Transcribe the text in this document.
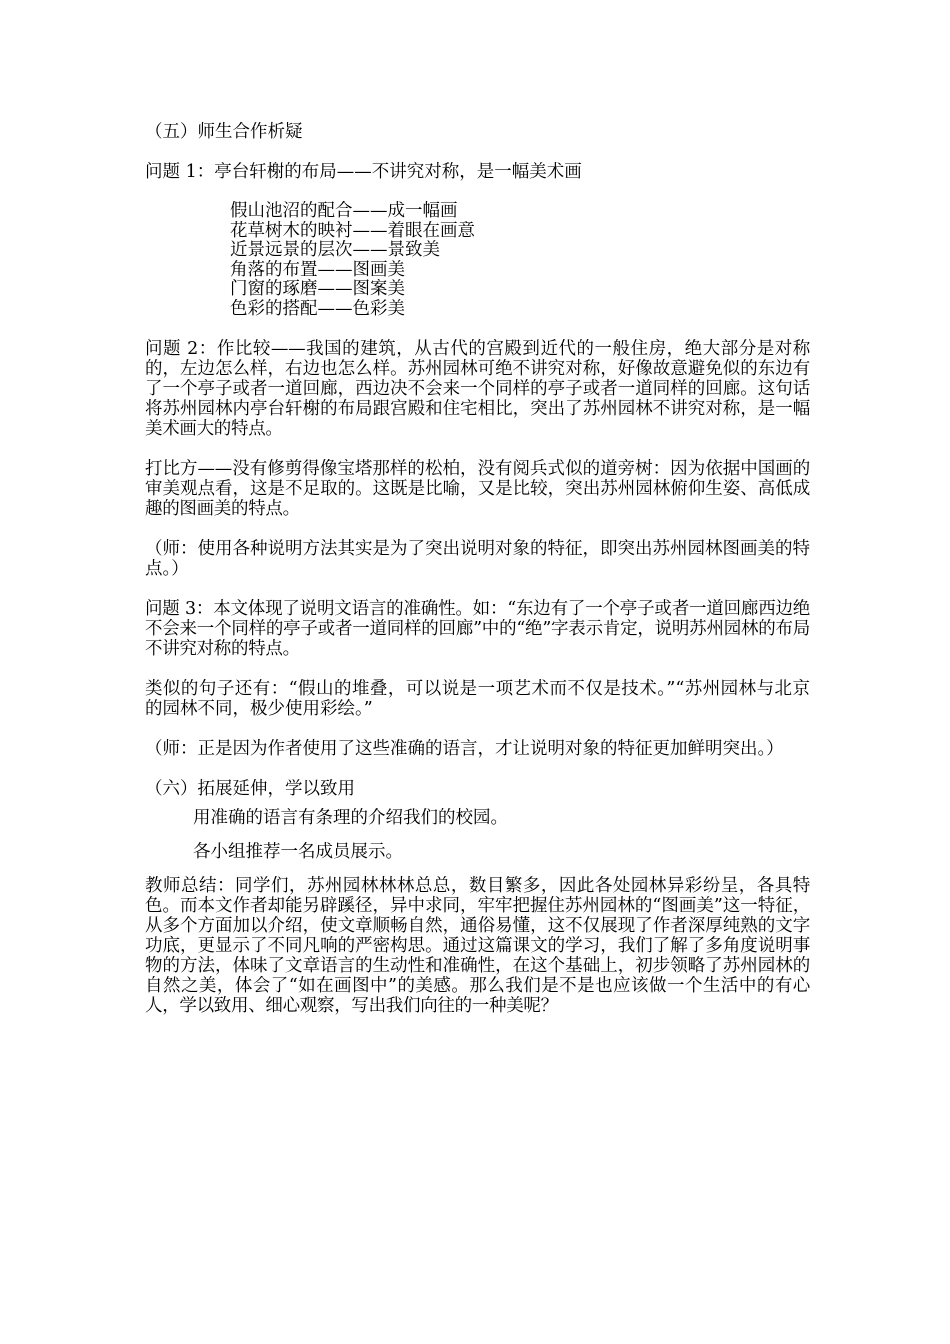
（五）师生合作析疑

问题 1：亭台轩榭的布局——不讲究对称，是一幅美术画

假山池沼的配合——成一幅画
花草树木的映衬——着眼在画意
近景远景的层次——景致美
角落的布置——图画美
门窗的琢磨——图案美
色彩的搭配——色彩美

问题 2：作比较——我国的建筑，从古代的宫殿到近代的一般住房，绝大部分是对称的，左边怎么样，右边也怎么样。苏州园林可绝不讲究对称，好像故意避免似的东边有了一个亭子或者一道回廊，西边决不会来一个同样的亭子或者一道同样的回廊。这句话将苏州园林内亭台轩榭的布局跟宫殿和住宅相比，突出了苏州园林不讲究对称，是一幅美术画大的特点。

打比方——没有修剪得像宝塔那样的松柏，没有阅兵式似的道旁树：因为依据中国画的审美观点看，这是不足取的。这既是比喻，又是比较，突出苏州园林俯仰生姿、高低成趣的图画美的特点。

（师：使用各种说明方法其实是为了突出说明对象的特征，即突出苏州园林图画美的特点。）

问题 3：本文体现了说明文语言的准确性。如：“东边有了一个亭子或者一道回廊西边绝不会来一个同样的亭子或者一道同样的回廊”中的“绝”字表示肯定，说明苏州园林的布局不讲究对称的特点。

类似的句子还有：“假山的堆叠，可以说是一项艺术而不仅是技术。”“苏州园林与北京的园林不同，极少使用彩绘。”

（师：正是因为作者使用了这些准确的语言，才让说明对象的特征更加鲜明突出。）

（六）拓展延伸，学以致用

用准确的语言有条理的介绍我们的校园。

各小组推荐一名成员展示。

教师总结：同学们，苏州园林林林总总，数目繁多，因此各处园林异彩纷呈，各具特色。而本文作者却能另辟蹊径，异中求同，牢牢把握住苏州园林的“图画美”这一特征，从多个方面加以介绍，使文章顺畅自然，通俗易懂，这不仅展现了作者深厚纯熟的文字功底，更显示了不同凡响的严密构思。通过这篇课文的学习，我们了解了多角度说明事物的方法，体味了文章语言的生动性和准确性，在这个基础上，初步领略了苏州园林的自然之美，体会了“如在画图中”的美感。那么我们是不是也应该做一个生活中的有心人，学以致用、细心观察，写出我们向往的一种美呢？
